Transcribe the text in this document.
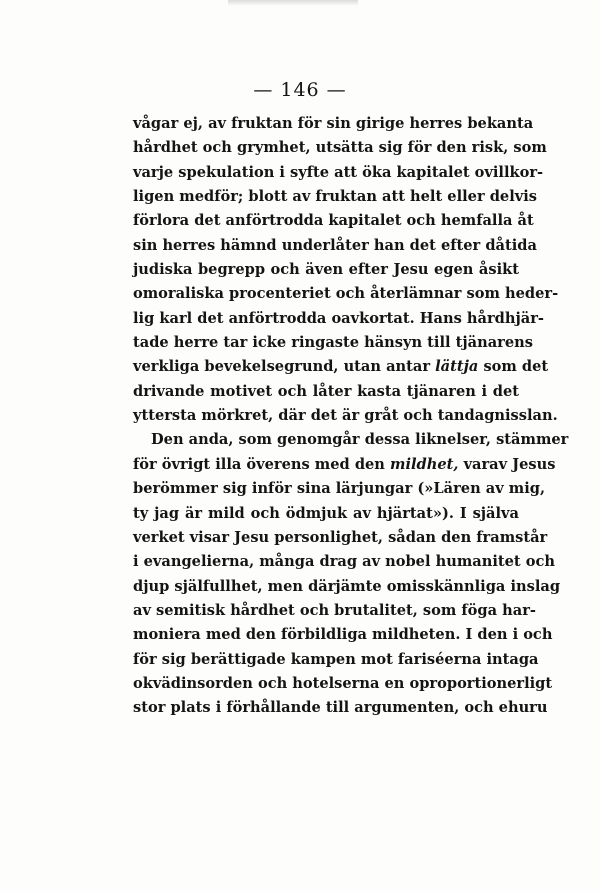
— 146 —
vågar ej, av fruktan för sin girige herres bekanta
hårdhet och grymhet, utsätta sig för den risk, som
varje spekulation i syfte att öka kapitalet ovillkor-
ligen medför; blott av fruktan att helt eller delvis
förlora det anförtrodda kapitalet och hemfalla åt
sin herres hämnd underlåter han det efter dåtida
judiska begrepp och även efter Jesu egen åsikt
omoraliska procenteriet och återlämnar som heder-
lig karl det anförtrodda oavkortat. Hans hårdhjär-
tade herre tar icke ringaste hänsyn till tjänarens
verkliga bevekelsegrund, utan antar lättja som det
drivande motivet och låter kasta tjänaren i det
yttersta mörkret, där det är gråt och tandagnisslan.
Den anda, som genomgår dessa liknelser, stämmer
för övrigt illa överens med den mildhet, varav Jesus
berömmer sig inför sina lärjungar (»Lären av mig,
ty jag är mild och ödmjuk av hjärtat»). I själva
verket visar Jesu personlighet, sådan den framstår
i evangelierna, många drag av nobel humanitet och
djup själfullhet, men därjämte omisskännliga inslag
av semitisk hårdhet och brutalitet, som föga har-
moniera med den förbildliga mildheten. I den i och
för sig berättigade kampen mot fariséerna intaga
okvädinsorden och hotelserna en oproportionerligt
stor plats i förhållande till argumenten, och ehuru
